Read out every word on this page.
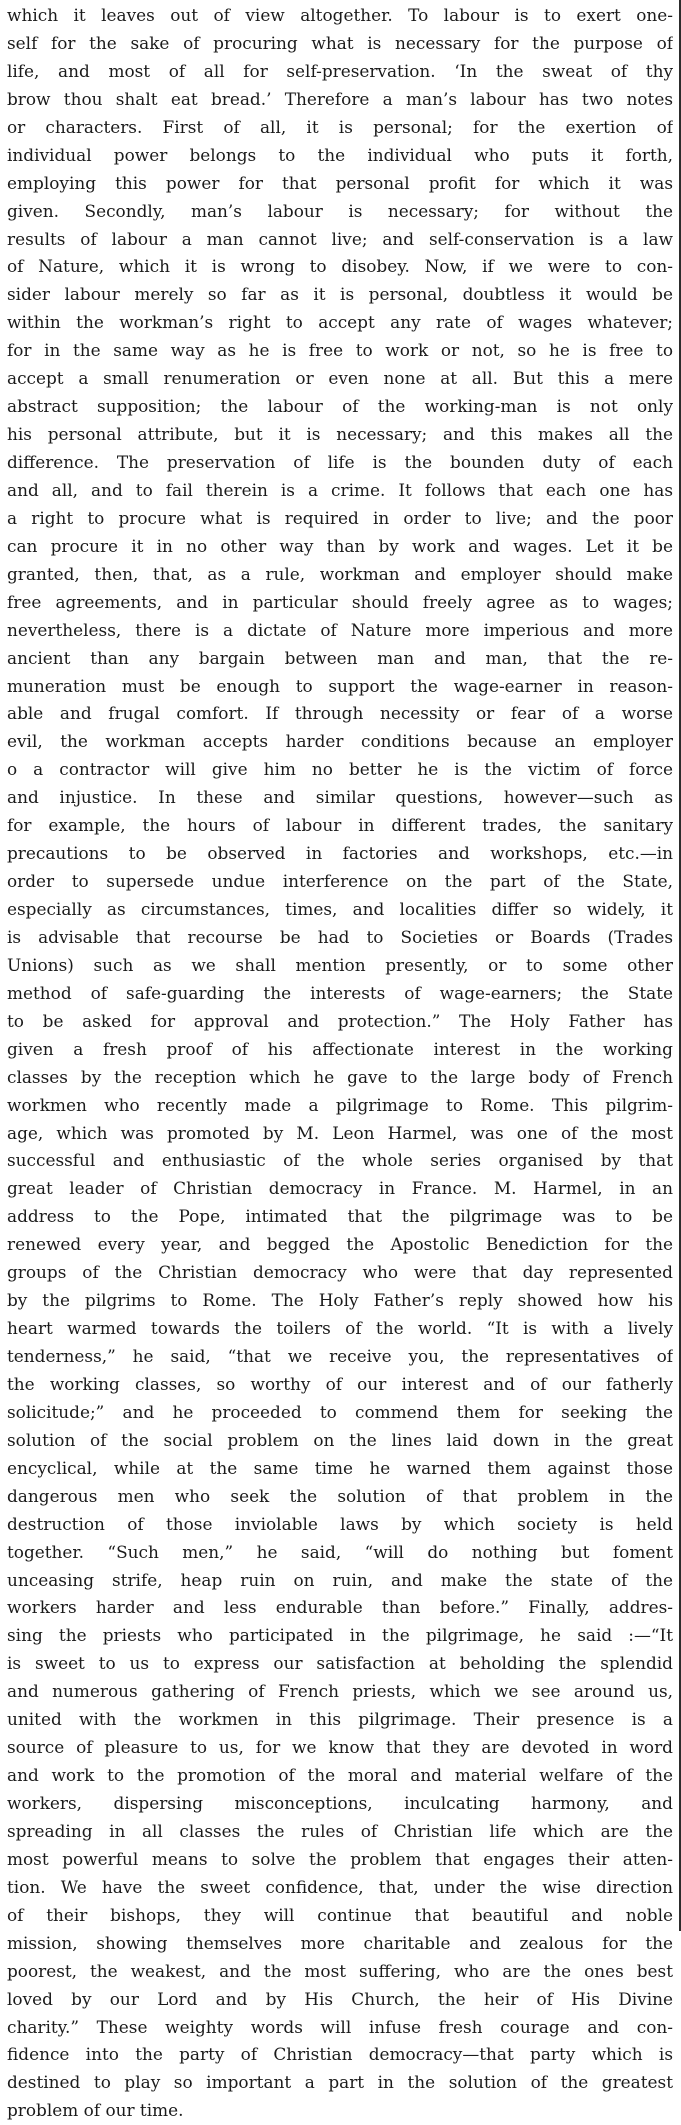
which it leaves out of view altogether. To labour is to exert one-
self for the sake of procuring what is necessary for the purpose of
life, and most of all for self-preservation. ‘In the sweat of thy
brow thou shalt eat bread.’ Therefore a man’s labour has two notes
or characters. First of all, it is personal; for the exertion of
individual power belongs to the individual who puts it forth,
employing this power for that personal profit for which it was
given. Secondly, man’s labour is necessary; for without the
results of labour a man cannot live; and self-conservation is a law
of Nature, which it is wrong to disobey. Now, if we were to con-
sider labour merely so far as it is personal, doubtless it would be
within the workman’s right to accept any rate of wages whatever;
for in the same way as he is free to work or not, so he is free to
accept a small renumeration or even none at all. But this a mere
abstract supposition; the labour of the working-man is not only
his personal attribute, but it is necessary; and this makes all the
difference. The preservation of life is the bounden duty of each
and all, and to fail therein is a crime. It follows that each one has
a right to procure what is required in order to live; and the poor
can procure it in no other way than by work and wages. Let it be
granted, then, that, as a rule, workman and employer should make
free agreements, and in particular should freely agree as to wages;
nevertheless, there is a dictate of Nature more imperious and more
ancient than any bargain between man and man, that the re-
muneration must be enough to support the wage-earner in reason-
able and frugal comfort. If through necessity or fear of a worse
evil, the workman accepts harder conditions because an employer
o a contractor will give him no better he is the victim of force
and injustice. In these and similar questions, however—such as
for example, the hours of labour in different trades, the sanitary
precautions to be observed in factories and workshops, etc.—in
order to supersede undue interference on the part of the State,
especially as circumstances, times, and localities differ so widely, it
is advisable that recourse be had to Societies or Boards (Trades
Unions) such as we shall mention presently, or to some other
method of safe-guarding the interests of wage-earners; the State
to be asked for approval and protection.” The Holy Father has
given a fresh proof of his affectionate interest in the working
classes by the reception which he gave to the large body of French
workmen who recently made a pilgrimage to Rome. This pilgrim-
age, which was promoted by M. Leon Harmel, was one of the most
successful and enthusiastic of the whole series organised by that
great leader of Christian democracy in France. M. Harmel, in an
address to the Pope, intimated that the pilgrimage was to be
renewed every year, and begged the Apostolic Benediction for the
groups of the Christian democracy who were that day represented
by the pilgrims to Rome. The Holy Father’s reply showed how his
heart warmed towards the toilers of the world. “It is with a lively
tenderness,” he said, “that we receive you, the representatives of
the working classes, so worthy of our interest and of our fatherly
solicitude;” and he proceeded to commend them for seeking the
solution of the social problem on the lines laid down in the great
encyclical, while at the same time he warned them against those
dangerous men who seek the solution of that problem in the
destruction of those inviolable laws by which society is held
together. “Such men,” he said, “will do nothing but foment
unceasing strife, heap ruin on ruin, and make the state of the
workers harder and less endurable than before.” Finally, addres-
sing the priests who participated in the pilgrimage, he said :—“It
is sweet to us to express our satisfaction at beholding the splendid
and numerous gathering of French priests, which we see around us,
united with the workmen in this pilgrimage. Their presence is a
source of pleasure to us, for we know that they are devoted in word
and work to the promotion of the moral and material welfare of the
workers, dispersing misconceptions, inculcating harmony, and
spreading in all classes the rules of Christian life which are the
most powerful means to solve the problem that engages their atten-
tion. We have the sweet confidence, that, under the wise direction
of their bishops, they will continue that beautiful and noble
mission, showing themselves more charitable and zealous for the
poorest, the weakest, and the most suffering, who are the ones best
loved by our Lord and by His Church, the heir of His Divine
charity.” These weighty words will infuse fresh courage and con-
fidence into the party of Christian democracy—that party which is
destined to play so important a part in the solution of the greatest
problem of our time.
